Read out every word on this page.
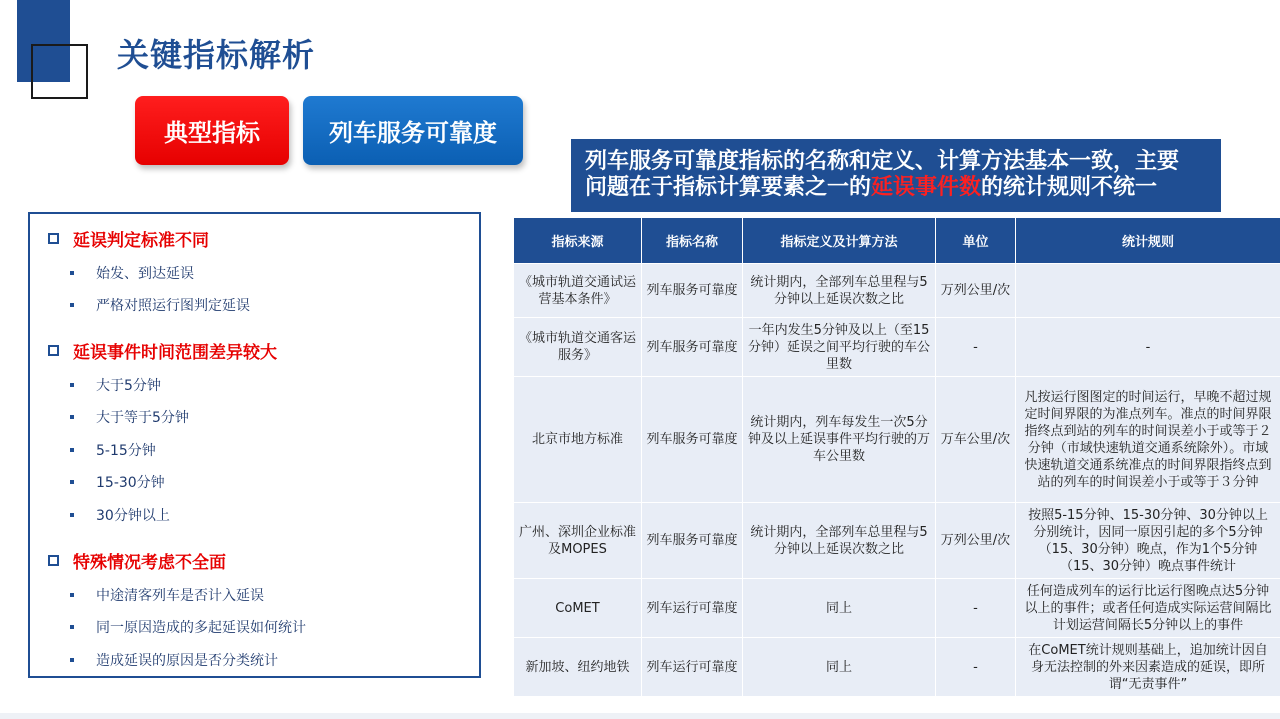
关键指标解析
典型指标	列车服务可靠度
列车服务可靠度指标的名称和定义、计算方法基本一致，主要
问题在于指标计算要素之一的延误事件数的统计规则不统一
延误判定标准不同
始发、到达延误
严格对照运行图判定延误
延误事件时间范围差异较大
大于5分钟
大于等于5分钟
5-15分钟
15-30分钟
30分钟以上
特殊情况考虑不全面
中途清客列车是否计入延误
同一原因造成的多起延误如何统计
造成延误的原因是否分类统计
指标来源	指标名称	指标定义及计算方法	单位	统计规则
《城市轨道交通试运营基本条件》	列车服务可靠度	统计期内，全部列车总里程与5分钟以上延误次数之比	万列公里/次	
《城市轨道交通客运服务》	列车服务可靠度	一年内发生5分钟及以上（至15分钟）延误之间平均行驶的车公里数	-	-
北京市地方标准	列车服务可靠度	统计期内，列车每发生一次5分钟及以上延误事件平均行驶的万车公里数	万车公里/次	凡按运行图图定的时间运行，早晚不超过规定时间界限的为准点列车。准点的时间界限指终点到站的列车的时间误差小于或等于２分钟（市域快速轨道交通系统除外）。市域快速轨道交通系统准点的时间界限指终点到站的列车的时间误差小于或等于３分钟
广州、深圳企业标准及MOPES	列车服务可靠度	统计期内，全部列车总里程与5分钟以上延误次数之比	万列公里/次	按照5-15分钟、15-30分钟、30分钟以上分别统计，因同一原因引起的多个5分钟（15、30分钟）晚点，作为1个5分钟（15、30分钟）晚点事件统计
CoMET	列车运行可靠度	同上	-	任何造成列车的运行比运行图晚点达5分钟以上的事件；或者任何造成实际运营间隔比计划运营间隔长5分钟以上的事件
新加坡、纽约地铁	列车运行可靠度	同上	-	在CoMET统计规则基础上，追加统计因自身无法控制的外来因素造成的延误，即所谓“无责事件”
